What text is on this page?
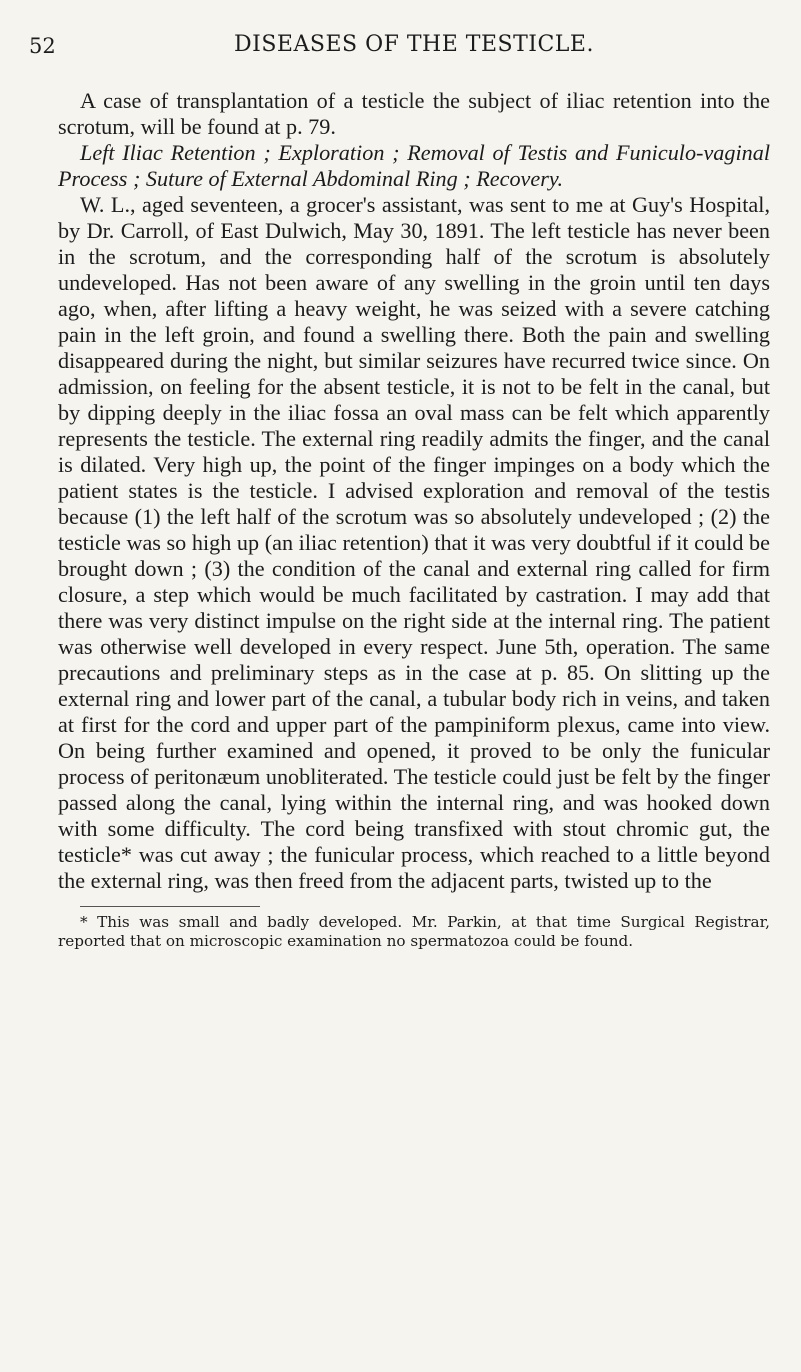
52	DISEASES OF THE TESTICLE.

A case of transplantation of a testicle the subject of iliac retention into the scrotum, will be found at p. 79.

Left Iliac Retention ; Exploration ; Removal of Testis and Funiculo-vaginal Process ; Suture of External Abdominal Ring ; Recovery.

W. L., aged seventeen, a grocer's assistant, was sent to me at Guy's Hospital, by Dr. Carroll, of East Dulwich, May 30, 1891. The left testicle has never been in the scrotum, and the corresponding half of the scrotum is absolutely undeveloped. Has not been aware of any swelling in the groin until ten days ago, when, after lifting a heavy weight, he was seized with a severe catching pain in the left groin, and found a swelling there. Both the pain and swelling disappeared during the night, but similar seizures have recurred twice since. On admission, on feeling for the absent testicle, it is not to be felt in the canal, but by dipping deeply in the iliac fossa an oval mass can be felt which apparently represents the testicle. The external ring readily admits the finger, and the canal is dilated. Very high up, the point of the finger impinges on a body which the patient states is the testicle. I advised exploration and removal of the testis because (1) the left half of the scrotum was so absolutely undeveloped ; (2) the testicle was so high up (an iliac retention) that it was very doubtful if it could be brought down ; (3) the condition of the canal and external ring called for firm closure, a step which would be much facilitated by castration. I may add that there was very distinct impulse on the right side at the internal ring. The patient was otherwise well developed in every respect. June 5th, operation. The same precautions and preliminary steps as in the case at p. 85. On slitting up the external ring and lower part of the canal, a tubular body rich in veins, and taken at first for the cord and upper part of the pampiniform plexus, came into view. On being further examined and opened, it proved to be only the funicular process of peritonæum unobliterated. The testicle could just be felt by the finger passed along the canal, lying within the internal ring, and was hooked down with some difficulty. The cord being transfixed with stout chromic gut, the testicle* was cut away ; the funicular process, which reached to a little beyond the external ring, was then freed from the adjacent parts, twisted up to the

* This was small and badly developed. Mr. Parkin, at that time Surgical Registrar, reported that on microscopic examination no spermatozoa could be found.
